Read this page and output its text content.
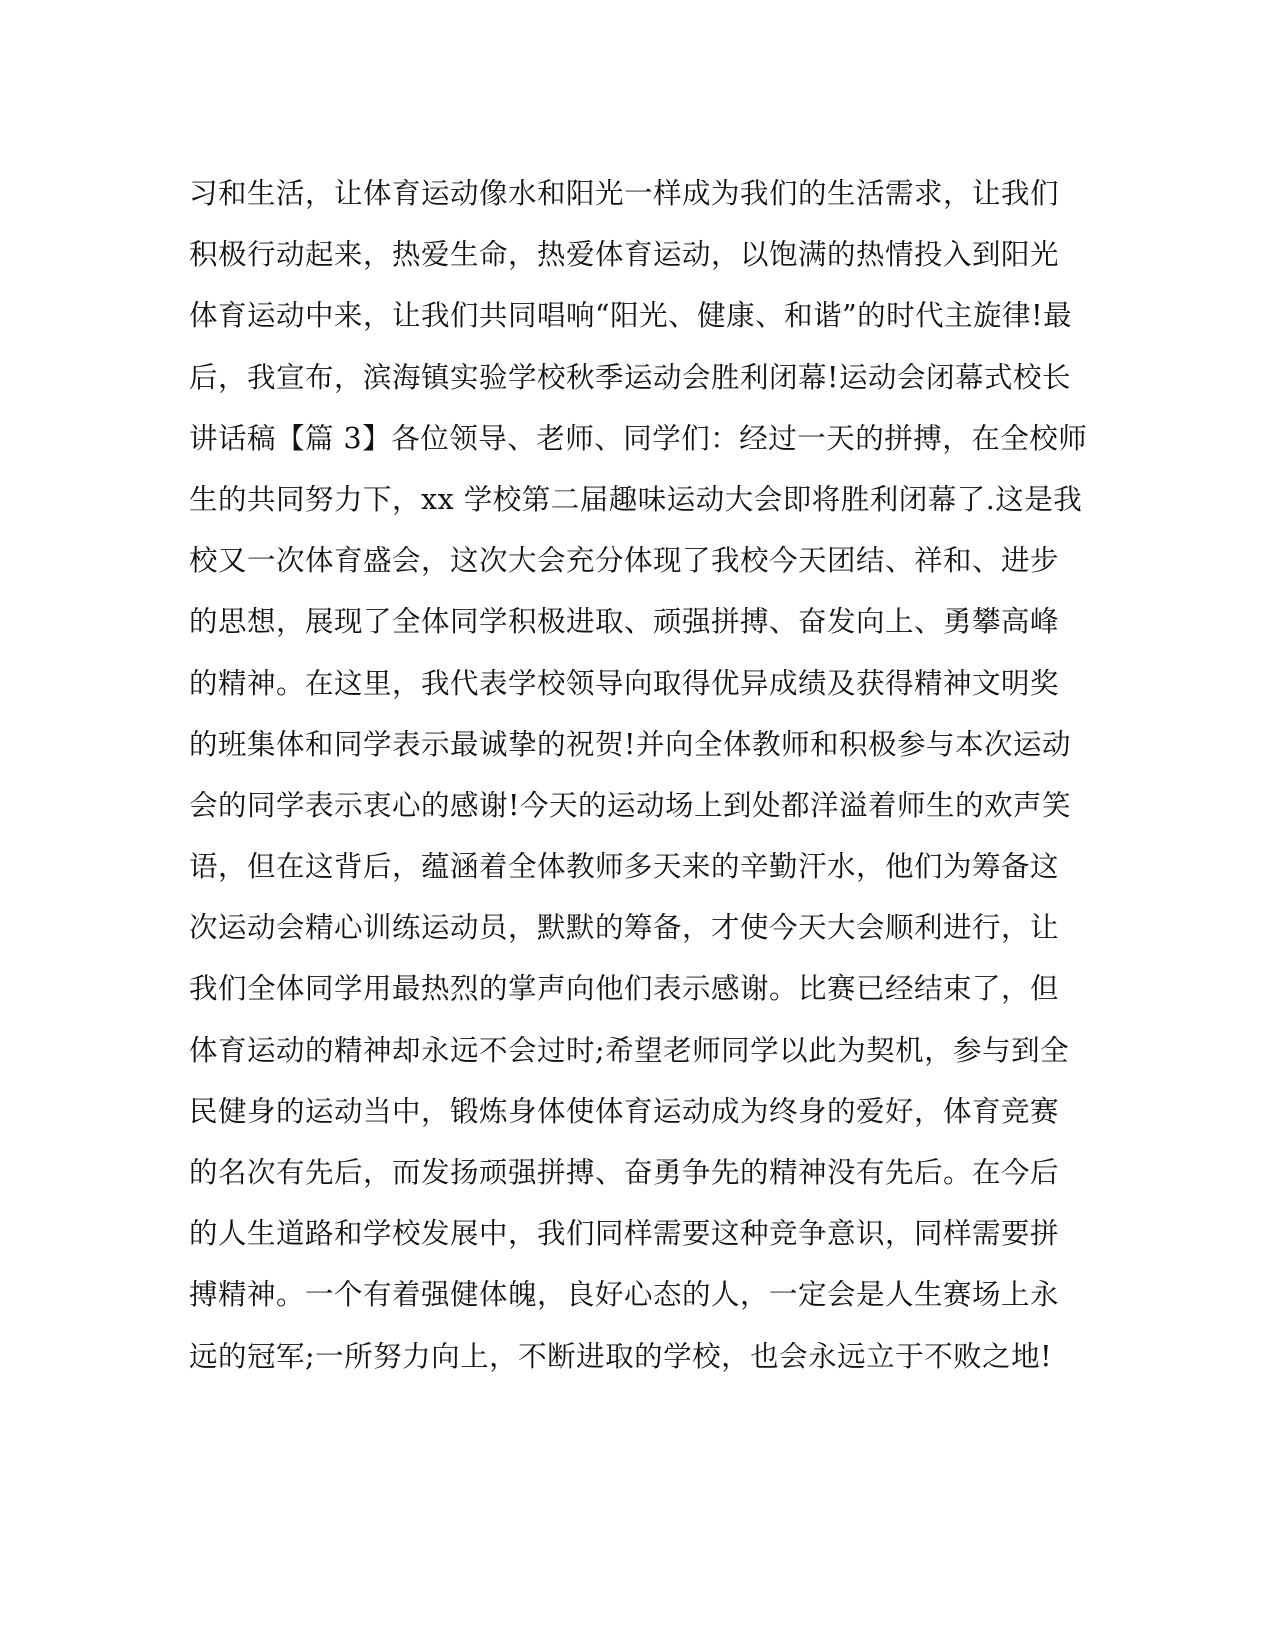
习和生活，让体育运动像水和阳光一样成为我们的生活需求，让我们
积极行动起来，热爱生命，热爱体育运动，以饱满的热情投入到阳光
体育运动中来，让我们共同唱响“阳光、健康、和谐”的时代主旋律!最
后，我宣布，滨海镇实验学校秋季运动会胜利闭幕!运动会闭幕式校长
讲话稿【篇 3】各位领导、老师、同学们：经过一天的拼搏，在全校师
生的共同努力下，xx 学校第二届趣味运动大会即将胜利闭幕了.这是我
校又一次体育盛会，这次大会充分体现了我校今天团结、祥和、进步
的思想，展现了全体同学积极进取、顽强拼搏、奋发向上、勇攀高峰
的精神。在这里，我代表学校领导向取得优异成绩及获得精神文明奖
的班集体和同学表示最诚挚的祝贺!并向全体教师和积极参与本次运动
会的同学表示衷心的感谢!今天的运动场上到处都洋溢着师生的欢声笑
语，但在这背后，蕴涵着全体教师多天来的辛勤汗水，他们为筹备这
次运动会精心训练运动员，默默的筹备，才使今天大会顺利进行，让
我们全体同学用最热烈的掌声向他们表示感谢。比赛已经结束了，但
体育运动的精神却永远不会过时;希望老师同学以此为契机，参与到全
民健身的运动当中，锻炼身体使体育运动成为终身的爱好，体育竞赛
的名次有先后，而发扬顽强拼搏、奋勇争先的精神没有先后。在今后
的人生道路和学校发展中，我们同样需要这种竞争意识，同样需要拼
搏精神。一个有着强健体魄，良好心态的人，一定会是人生赛场上永
远的冠军;一所努力向上，不断进取的学校，也会永远立于不败之地!
